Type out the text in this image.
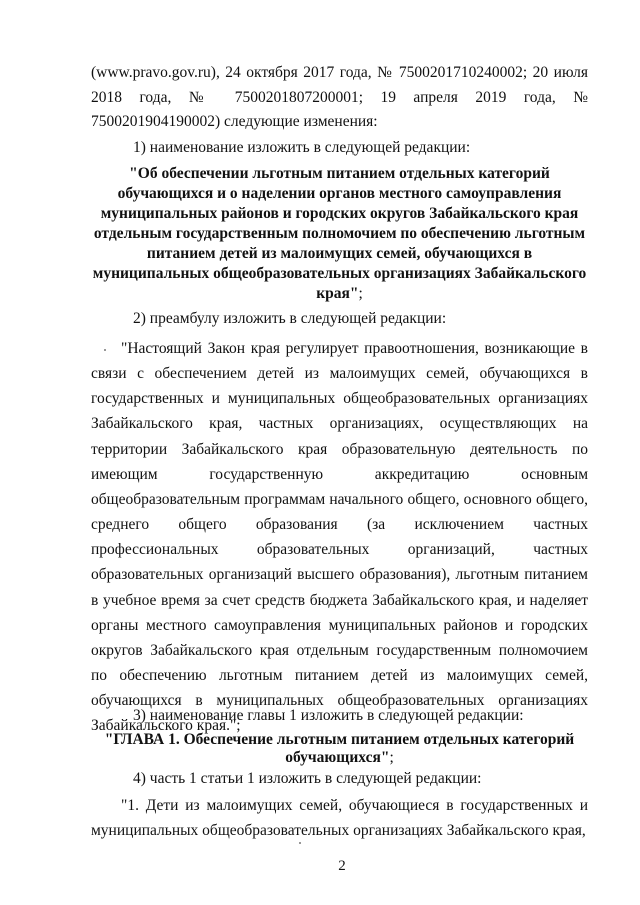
(www.pravo.gov.ru), 24 октября 2017 года, № 7500201710240002; 20 июля 2018 года, № 7500201807200001; 19 апреля 2019 года, № 7500201904190002) следующие изменения:
1) наименование изложить в следующей редакции:
"Об обеспечении льготным питанием отдельных категорий обучающихся и о наделении органов местного самоуправления муниципальных районов и городских округов Забайкальского края отдельным государственным полномочием по обеспечению льготным питанием детей из малоимущих семей, обучающихся в муниципальных общеобразовательных организациях Забайкальского края";
2) преамбулу изложить в следующей редакции:
"Настоящий Закон края регулирует правоотношения, возникающие в связи с обеспечением детей из малоимущих семей, обучающихся в государственных и муниципальных общеобразовательных организациях Забайкальского края, частных организациях, осуществляющих на территории Забайкальского края образовательную деятельность по имеющим государственную аккредитацию основным общеобразовательным программам начального общего, основного общего, среднего общего образования (за исключением частных профессиональных образовательных организаций, частных образовательных организаций высшего образования), льготным питанием в учебное время за счет средств бюджета Забайкальского края, и наделяет органы местного самоуправления муниципальных районов и городских округов Забайкальского края отдельным государственным полномочием по обеспечению льготным питанием детей из малоимущих семей, обучающихся в муниципальных общеобразовательных организациях Забайкальского края.";
3) наименование главы 1 изложить в следующей редакции:
"ГЛАВА 1. Обеспечение льготным питанием отдельных категорий обучающихся";
4) часть 1 статьи 1 изложить в следующей редакции:
"1. Дети из малоимущих семей, обучающиеся в государственных и муниципальных общеобразовательных организациях Забайкальского края,
2
